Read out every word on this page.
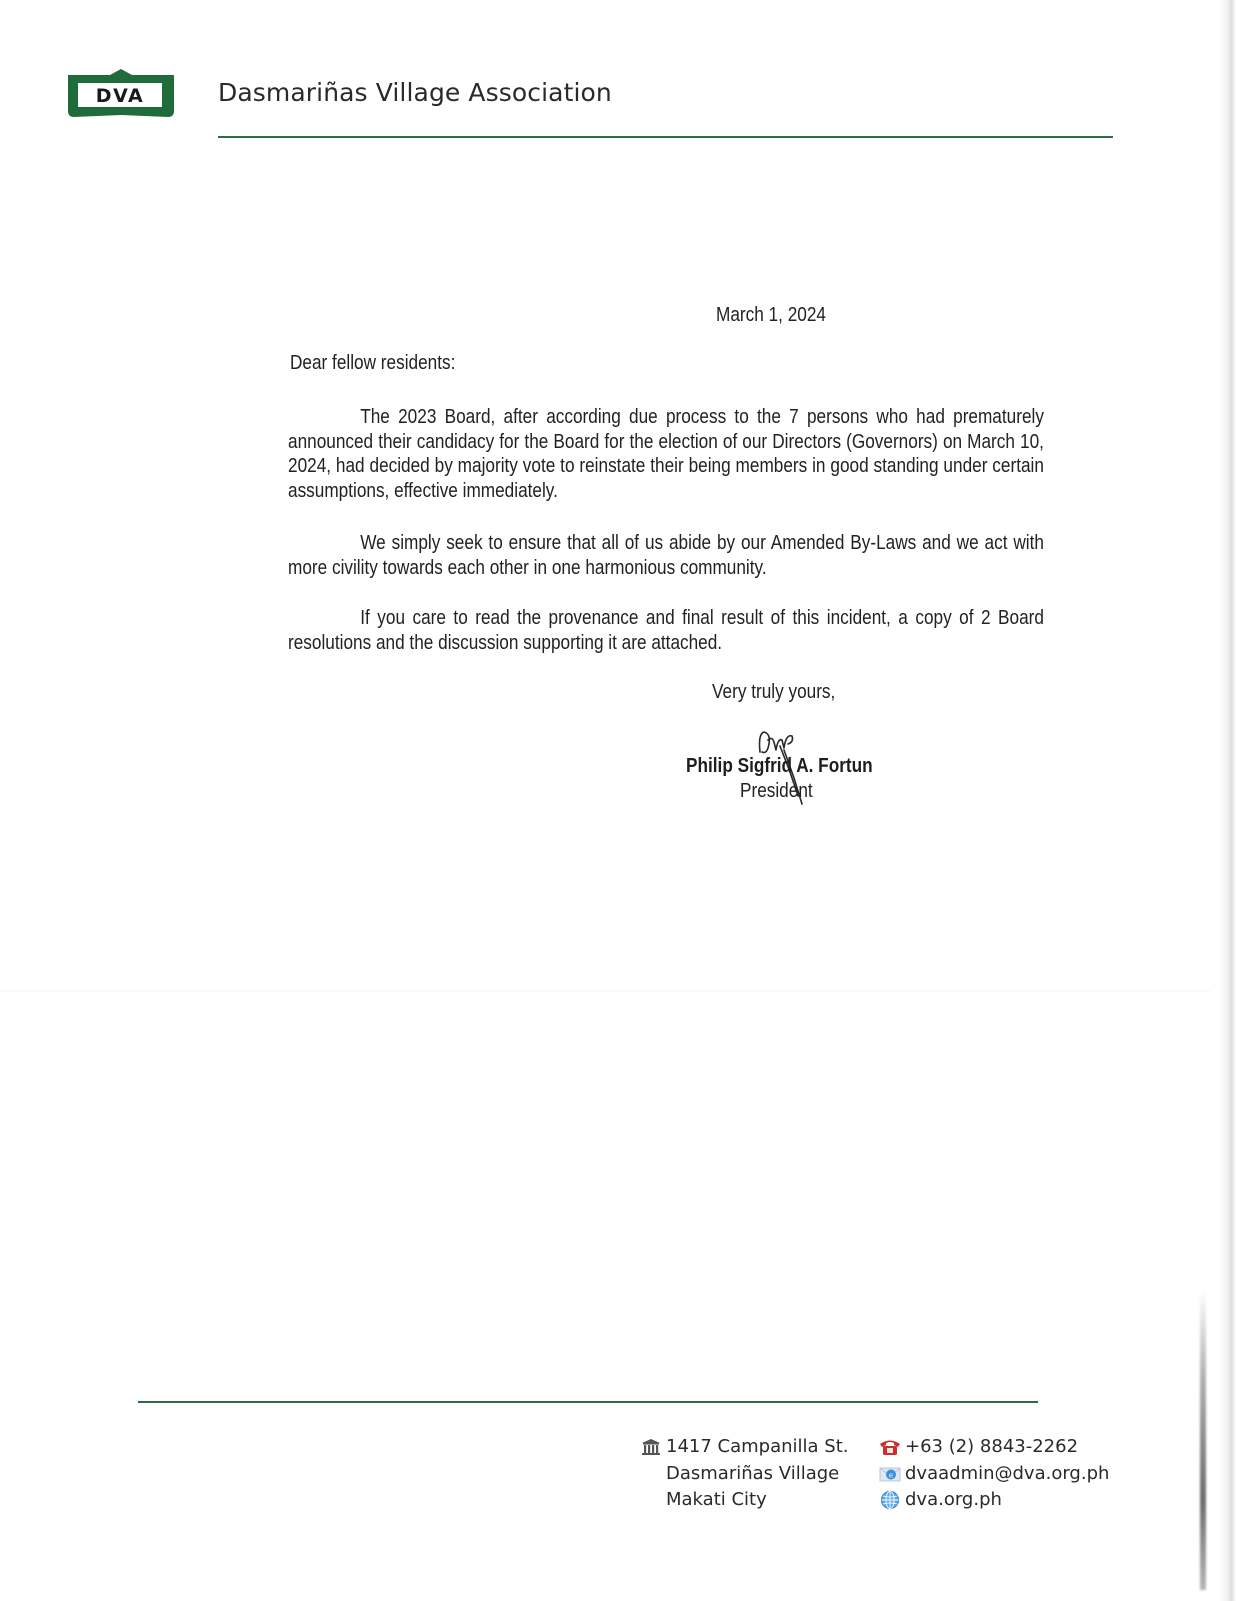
DVA	Dasmariñas Village Association
March 1, 2024
Dear fellow residents:
The 2023 Board, after according due process to the 7 persons who had prematurely announced their candidacy for the Board for the election of our Directors (Governors) on March 10, 2024, had decided by majority vote to reinstate their being members in good standing under certain assumptions, effective immediately.
We simply seek to ensure that all of us abide by our Amended By-Laws and we act with more civility towards each other in one harmonious community.
If you care to read the provenance and final result of this incident, a copy of 2 Board resolutions and the discussion supporting it are attached.
Very truly yours,
Philip Sigfrid A. Fortun
President
1417 Campanilla St.
Dasmariñas Village
Makati City
+63 (2) 8843-2262
e dvaadmin@dva.org.ph
dva.org.ph
